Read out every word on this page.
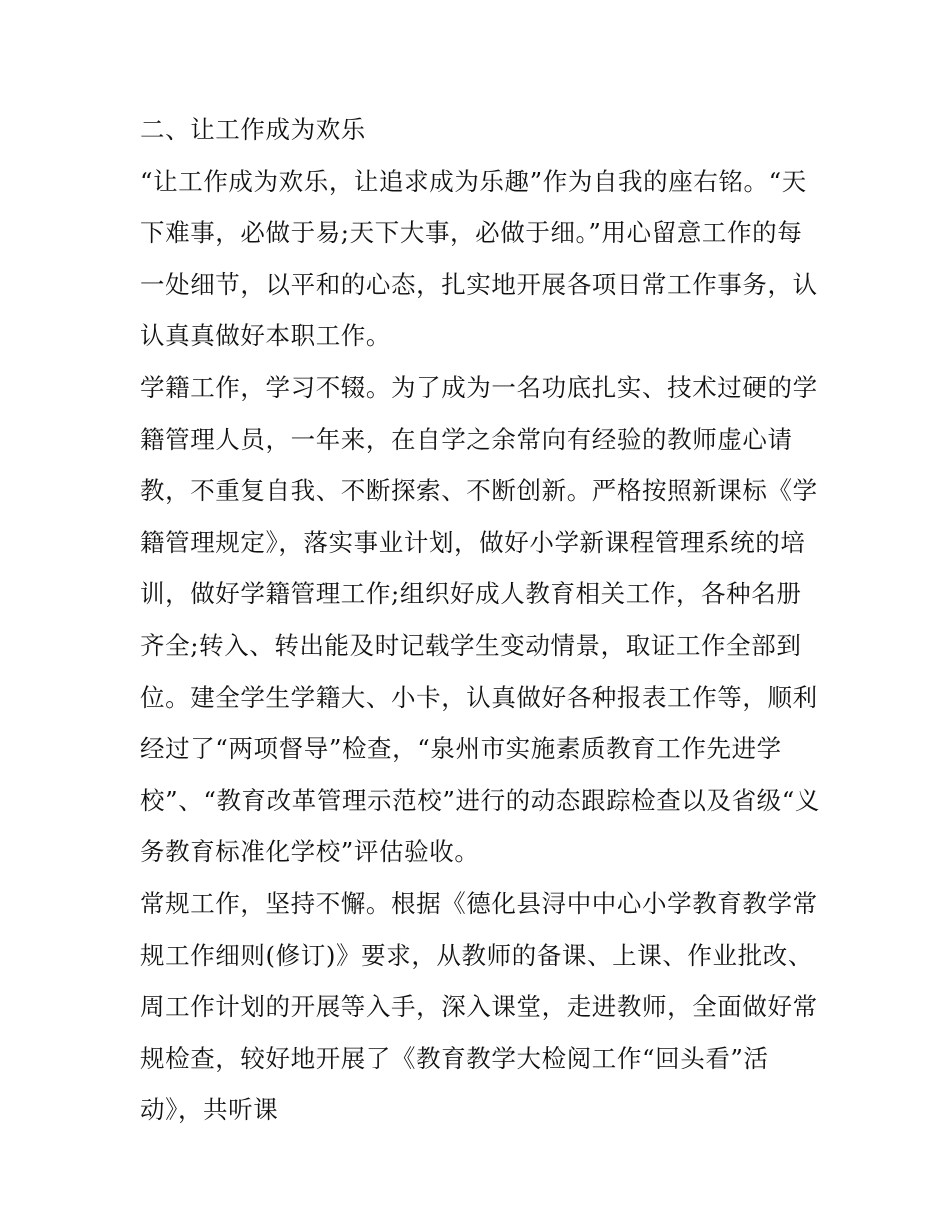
二、让工作成为欢乐
“让工作成为欢乐，让追求成为乐趣”作为自我的座右铭。“天
下难事，必做于易;天下大事，必做于细。”用心留意工作的每
一处细节，以平和的心态，扎实地开展各项日常工作事务，认
认真真做好本职工作。
学籍工作，学习不辍。为了成为一名功底扎实、技术过硬的学
籍管理人员，一年来，在自学之余常向有经验的教师虚心请
教，不重复自我、不断探索、不断创新。严格按照新课标《学
籍管理规定》，落实事业计划，做好小学新课程管理系统的培
训，做好学籍管理工作;组织好成人教育相关工作，各种名册
齐全;转入、转出能及时记载学生变动情景，取证工作全部到
位。建全学生学籍大、小卡，认真做好各种报表工作等，顺利
经过了“两项督导”检查，“泉州市实施素质教育工作先进学
校”、“教育改革管理示范校”进行的动态跟踪检查以及省级“义
务教育标准化学校”评估验收。
常规工作，坚持不懈。根据《德化县浔中中心小学教育教学常
规工作细则(修订)》要求，从教师的备课、上课、作业批改、
周工作计划的开展等入手，深入课堂，走进教师，全面做好常
规检查，较好地开展了《教育教学大检阅工作“回头看”活
动》，共听课
